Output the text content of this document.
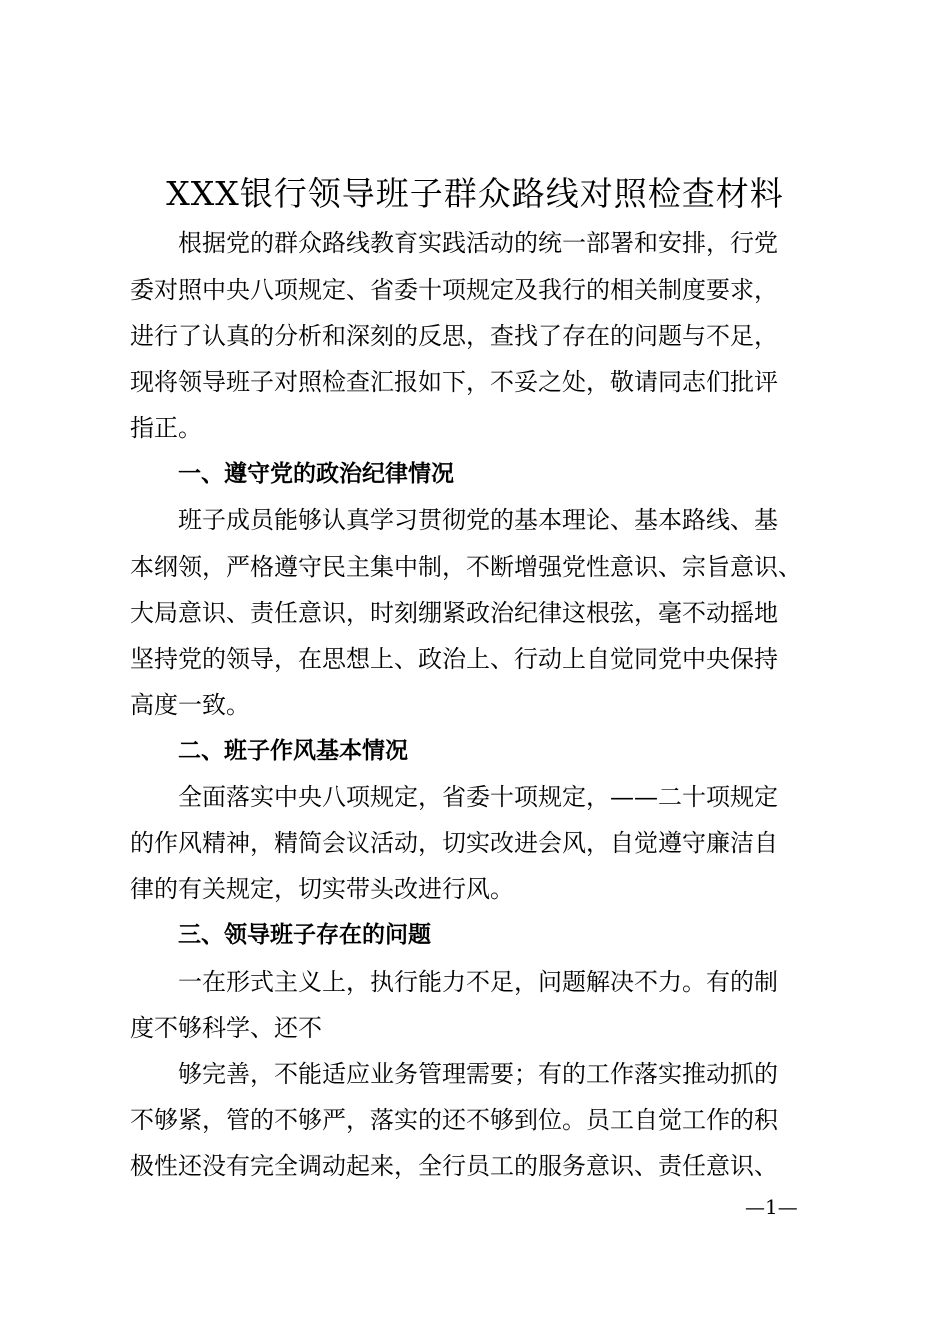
XXX银行领导班子群众路线对照检查材料

根据党的群众路线教育实践活动的统一部署和安排，行党

委对照中央八项规定、省委十项规定及我行的相关制度要求，

进行了认真的分析和深刻的反思，查找了存在的问题与不足，

现将领导班子对照检查汇报如下，不妥之处，敬请同志们批评

指正。

一、遵守党的政治纪律情况

班子成员能够认真学习贯彻党的基本理论、基本路线、基

本纲领，严格遵守民主集中制，不断增强党性意识、宗旨意识、

大局意识、责任意识，时刻绷紧政治纪律这根弦，毫不动摇地

坚持党的领导，在思想上、政治上、行动上自觉同党中央保持

高度一致。

二、班子作风基本情况

全面落实中央八项规定，省委十项规定，——二十项规定

的作风精神，精简会议活动，切实改进会风，自觉遵守廉洁自

律的有关规定，切实带头改进行风。

三、领导班子存在的问题

一在形式主义上，执行能力不足，问题解决不力。有的制

度不够科学、还不

够完善，不能适应业务管理需要；有的工作落实推动抓的

不够紧，管的不够严，落实的还不够到位。员工自觉工作的积

极性还没有完全调动起来，全行员工的服务意识、责任意识、

—1—
